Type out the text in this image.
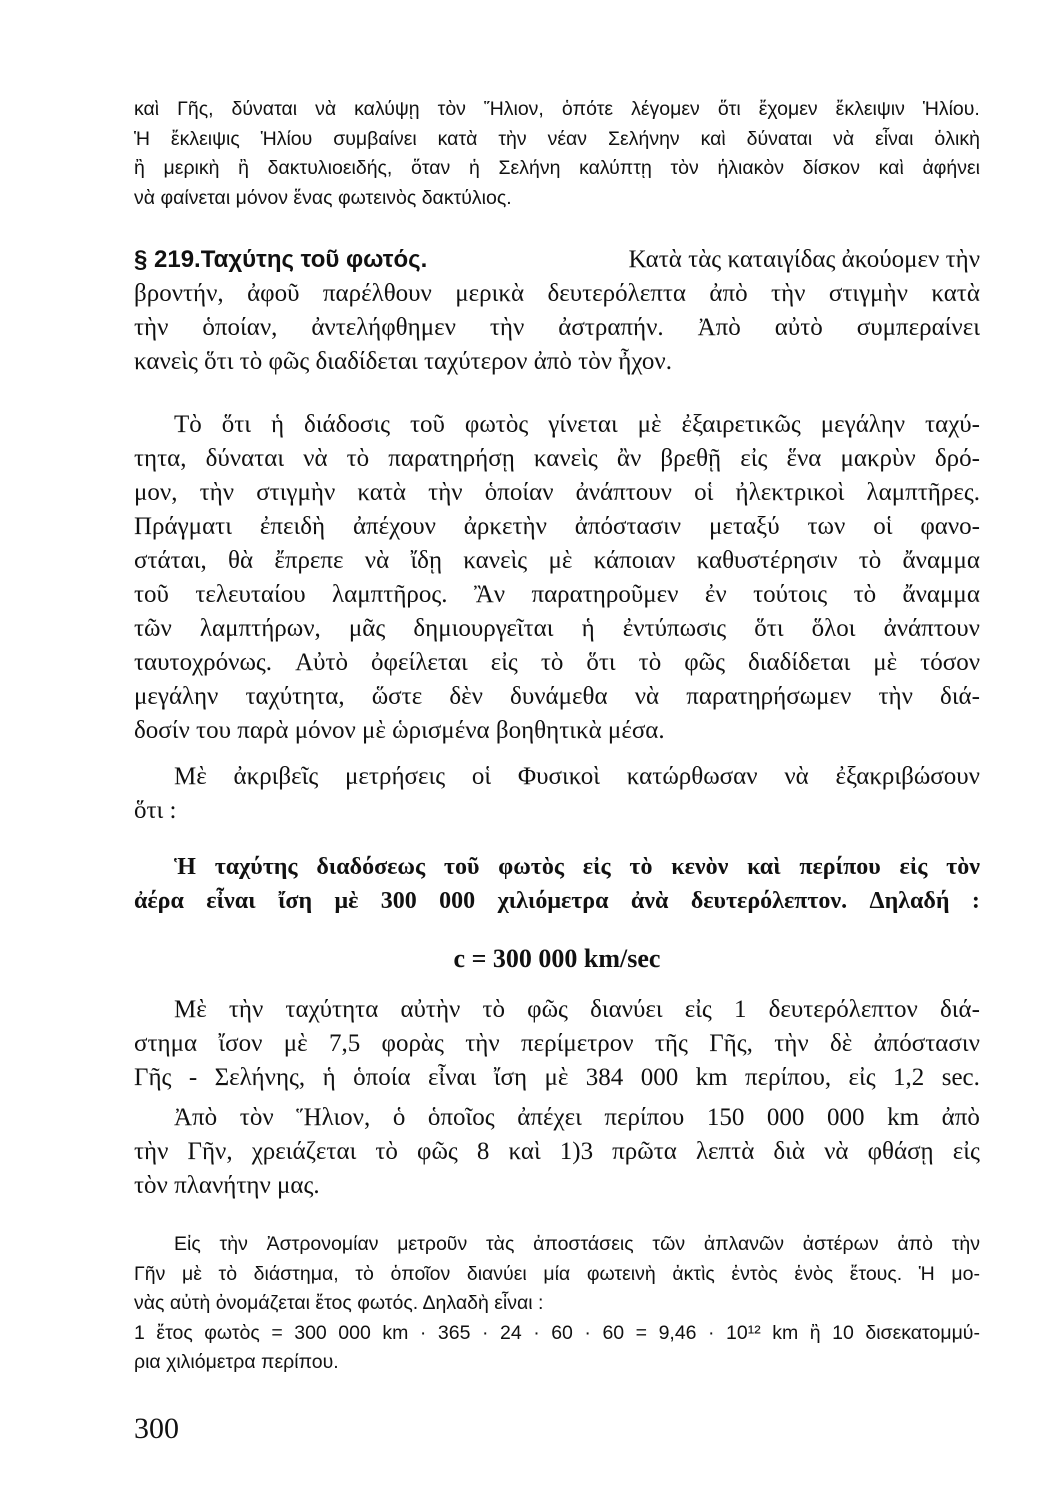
καὶ Γῆς, δύναται νὰ καλύψῃ τὸν Ἥλιον, ὁπότε λέγομεν ὅτι ἔχομεν ἔκλειψιν Ἡλίου.
Ἡ ἔκλειψις Ἡλίου συμβαίνει κατὰ τὴν νέαν Σελήνην καὶ δύναται νὰ εἶναι ὁλικὴ
ἢ μερικὴ ἢ δακτυλιοειδής, ὅταν ἡ Σελήνη καλύπτῃ τὸν ἡλιακὸν δίσκον καὶ ἀφήνει
νὰ φαίνεται μόνον ἕνας φωτεινὸς δακτύλιος.
§ 219. Ταχύτης τοῦ φωτός.	Κατὰ τὰς καταιγίδας ἀκούομεν τὴν
βροντήν, ἀφοῦ παρέλθουν μερικὰ δευτερόλεπτα ἀπὸ τὴν στιγμὴν κατὰ
τὴν ὁποίαν, ἀντελήφθημεν τὴν ἀστραπήν. Ἀπὸ αὐτὸ συμπεραίνει
κανεὶς ὅτι τὸ φῶς διαδίδεται ταχύτερον ἀπὸ τὸν ἦχον.
Τὸ ὅτι ἡ διάδοσις τοῦ φωτὸς γίνεται μὲ ἐξαιρετικῶς μεγάλην ταχύ-
τητα, δύναται νὰ τὸ παρατηρήσῃ κανεὶς ἂν βρεθῇ εἰς ἕνα μακρὺν δρό-
μον, τὴν στιγμὴν κατὰ τὴν ὁποίαν ἀνάπτουν οἱ ἠλεκτρικοὶ λαμπτῆρες.
Πράγματι ἐπειδὴ ἀπέχουν ἀρκετὴν ἀπόστασιν μεταξύ των οἱ φανο-
στάται, θὰ ἔπρεπε νὰ ἴδῃ κανεὶς μὲ κάποιαν καθυστέρησιν τὸ ἄναμμα
τοῦ τελευταίου λαμπτῆρος. Ἂν παρατηροῦμεν ἐν τούτοις τὸ ἄναμμα
τῶν λαμπτήρων, μᾶς δημιουργεῖται ἡ ἐντύπωσις ὅτι ὅλοι ἀνάπτουν
ταυτοχρόνως. Αὐτὸ ὀφείλεται εἰς τὸ ὅτι τὸ φῶς διαδίδεται μὲ τόσον
μεγάλην ταχύτητα, ὥστε δὲν δυνάμεθα νὰ παρατηρήσωμεν τὴν διά-
δοσίν του παρὰ μόνον μὲ ὡρισμένα βοηθητικὰ μέσα.
Μὲ ἀκριβεῖς μετρήσεις οἱ Φυσικοὶ κατώρθωσαν νὰ ἐξακριβώσουν
ὅτι :
Ἡ ταχύτης διαδόσεως τοῦ φωτὸς εἰς τὸ κενὸν καὶ περίπου εἰς τὸν
ἀέρα εἶναι ἴση μὲ 300 000 χιλιόμετρα ἀνὰ δευτερόλεπτον. Δηλαδή :
c = 300 000 km/sec
Μὲ τὴν ταχύτητα αὐτὴν τὸ φῶς διανύει εἰς 1 δευτερόλεπτον διά-
στημα ἴσον μὲ 7,5 φορὰς τὴν περίμετρον τῆς Γῆς, τὴν δὲ ἀπόστασιν
Γῆς - Σελήνης, ἡ ὁποία εἶναι ἴση μὲ 384 000 km περίπου, εἰς 1,2 sec.
Ἀπὸ τὸν Ἥλιον, ὁ ὁποῖος ἀπέχει περίπου 150 000 000 km ἀπὸ
τὴν Γῆν, χρειάζεται τὸ φῶς 8 καὶ 1)3 πρῶτα λεπτὰ διὰ νὰ φθάσῃ εἰς
τὸν πλανήτην μας.
Εἰς τὴν Ἀστρονομίαν μετροῦν τὰς ἀποστάσεις τῶν ἀπλανῶν ἀστέρων ἀπὸ τὴν
Γῆν μὲ τὸ διάστημα, τὸ ὁποῖον διανύει μία φωτεινὴ ἀκτὶς ἐντὸς ἑνὸς ἔτους. Ἡ μο-
νὰς αὐτὴ ὀνομάζεται ἔτος φωτός. Δηλαδὴ εἶναι :
1 ἔτος φωτὸς = 300 000 km · 365 · 24 · 60 · 60 = 9,46 · 10¹² km ἢ 10 δισεκατομμύ-
ρια χιλιόμετρα περίπου.
300
